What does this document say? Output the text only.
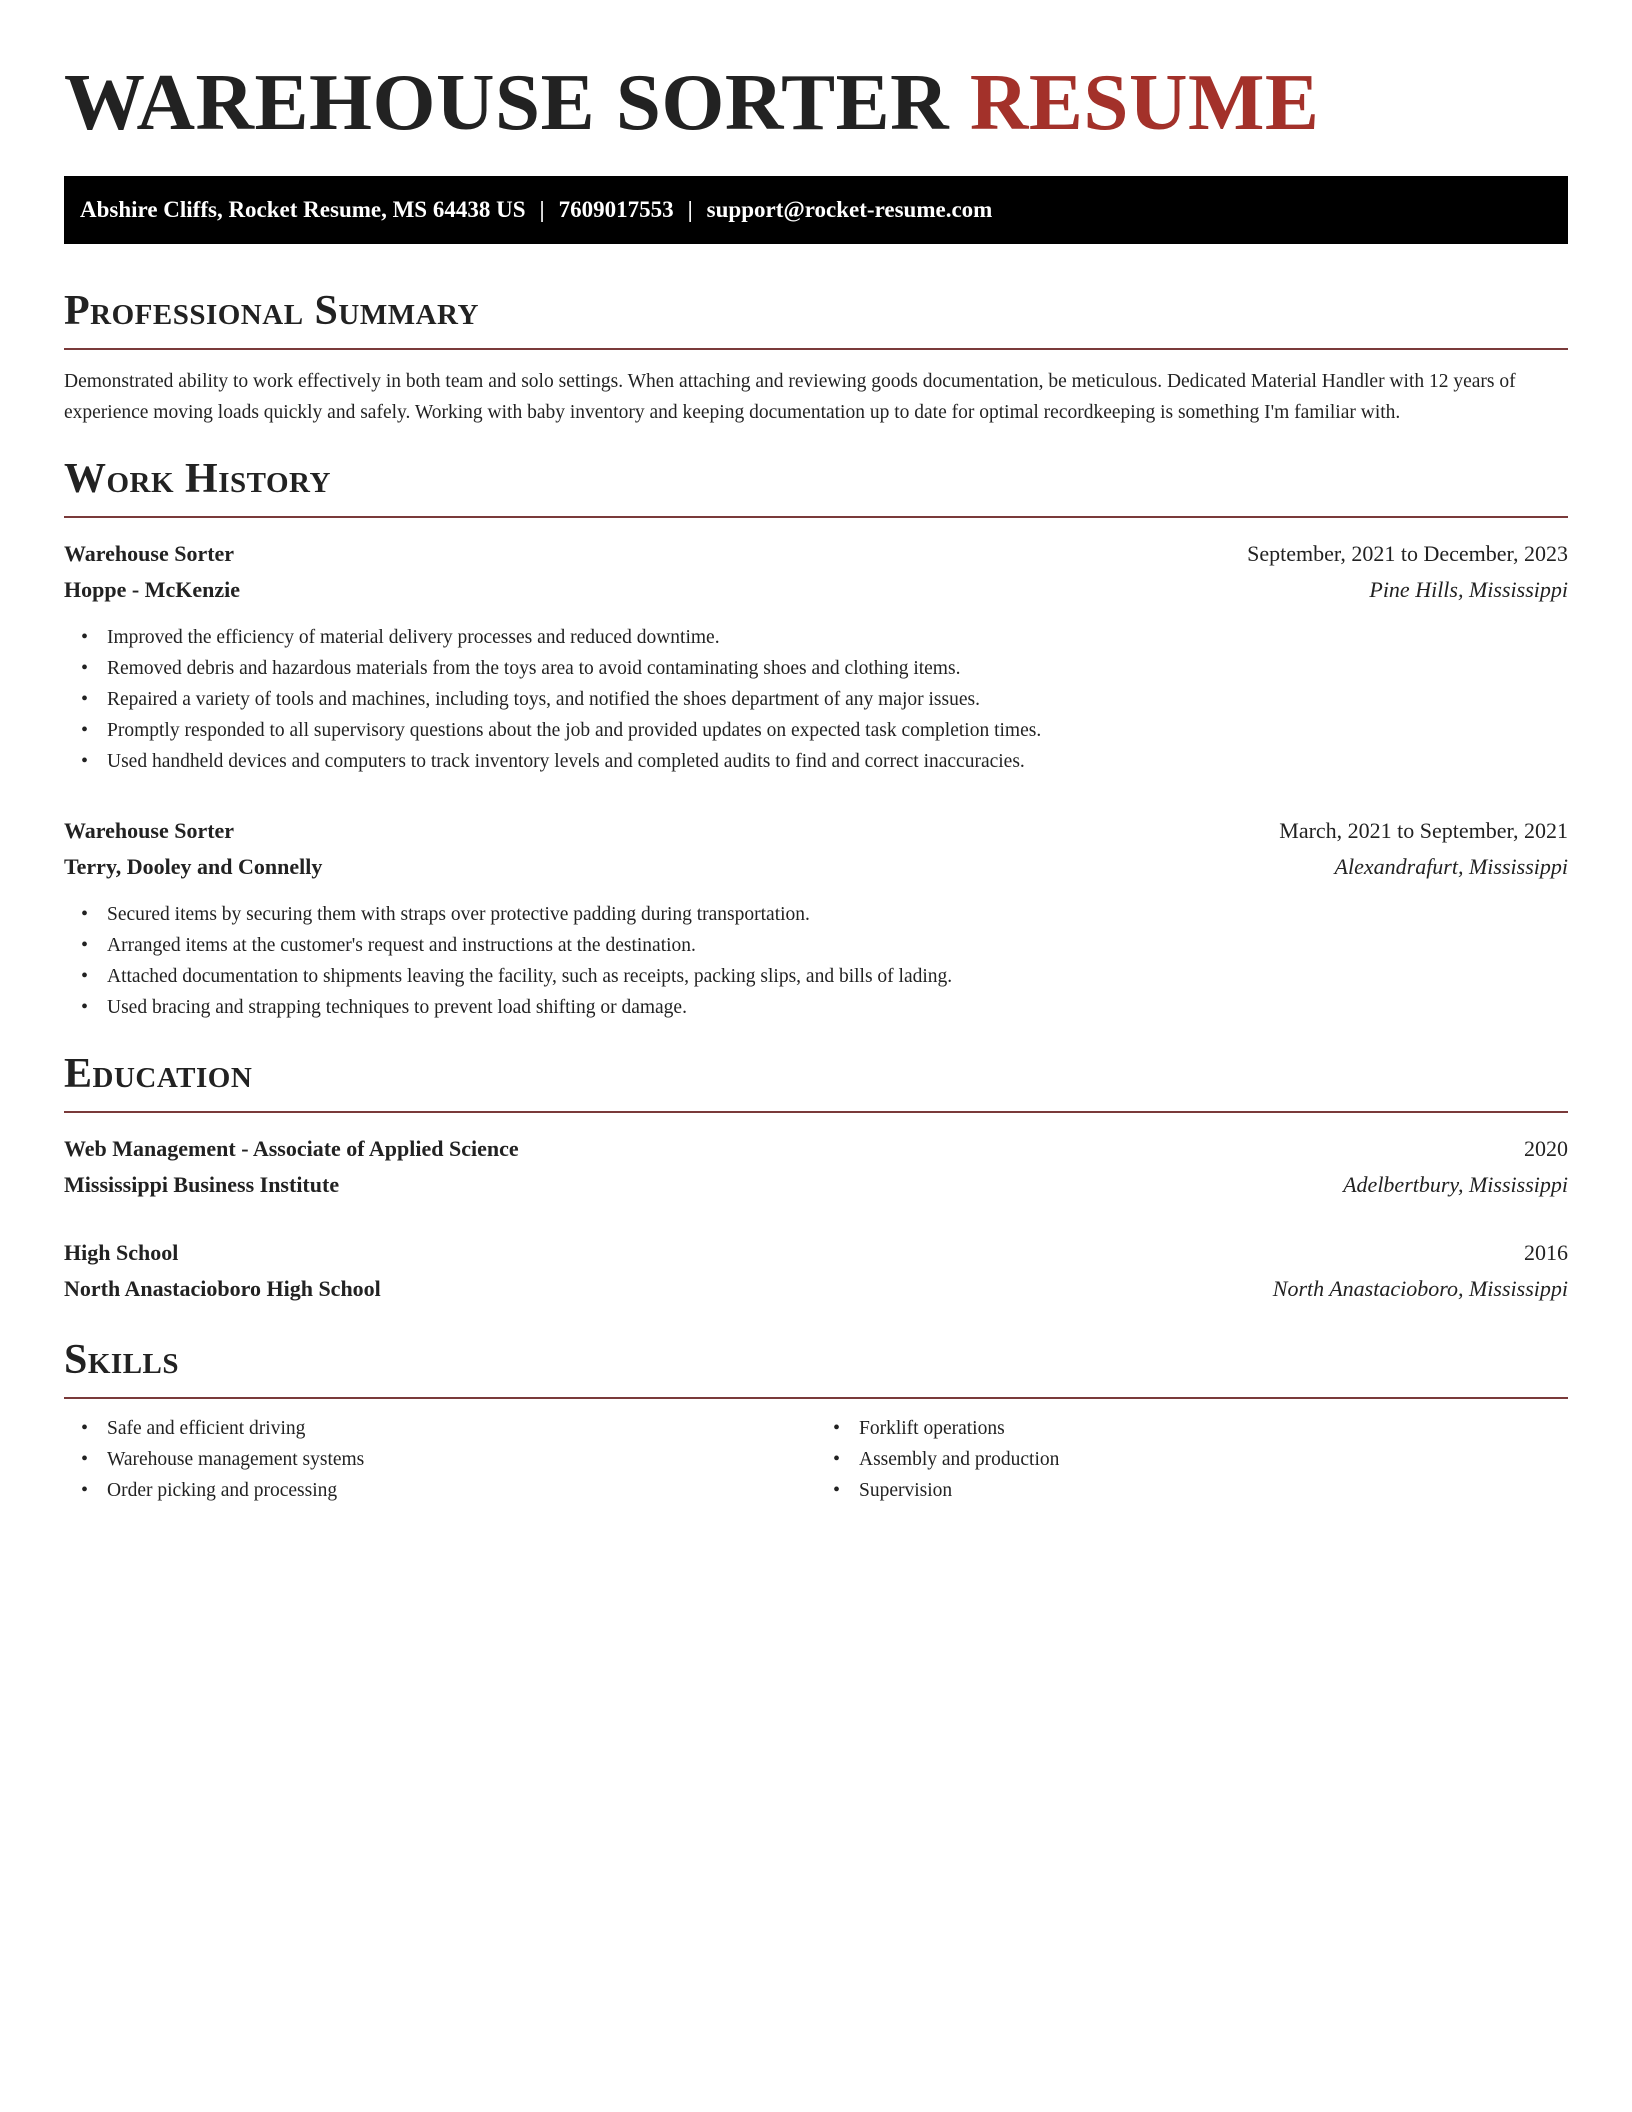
WAREHOUSE SORTER RESUME
Abshire Cliffs, Rocket Resume, MS 64438 US | 7609017553 | support@rocket-resume.com
Professional Summary

Demonstrated ability to work effectively in both team and solo settings. When attaching and reviewing goods documentation, be meticulous. Dedicated Material Handler with 12 years of experience moving loads quickly and safely. Working with baby inventory and keeping documentation up to date for optimal recordkeeping is something I'm familiar with.

Work History
Warehouse Sorter	September, 2021 to December, 2023
Hoppe - McKenzie	Pine Hills, Mississippi
• Improved the efficiency of material delivery processes and reduced downtime.
• Removed debris and hazardous materials from the toys area to avoid contaminating shoes and clothing items.
• Repaired a variety of tools and machines, including toys, and notified the shoes department of any major issues.
• Promptly responded to all supervisory questions about the job and provided updates on expected task completion times.
• Used handheld devices and computers to track inventory levels and completed audits to find and correct inaccuracies.
Warehouse Sorter	March, 2021 to September, 2021
Terry, Dooley and Connelly	Alexandrafurt, Mississippi
• Secured items by securing them with straps over protective padding during transportation.
• Arranged items at the customer's request and instructions at the destination.
• Attached documentation to shipments leaving the facility, such as receipts, packing slips, and bills of lading.
• Used bracing and strapping techniques to prevent load shifting or damage.
Education
Web Management - Associate of Applied Science	2020
Mississippi Business Institute	Adelbertbury, Mississippi
High School	2016
North Anastacioboro High School	North Anastacioboro, Mississippi
Skills
• Safe and efficient driving
• Warehouse management systems
• Order picking and processing
• Forklift operations
• Assembly and production
• Supervision
